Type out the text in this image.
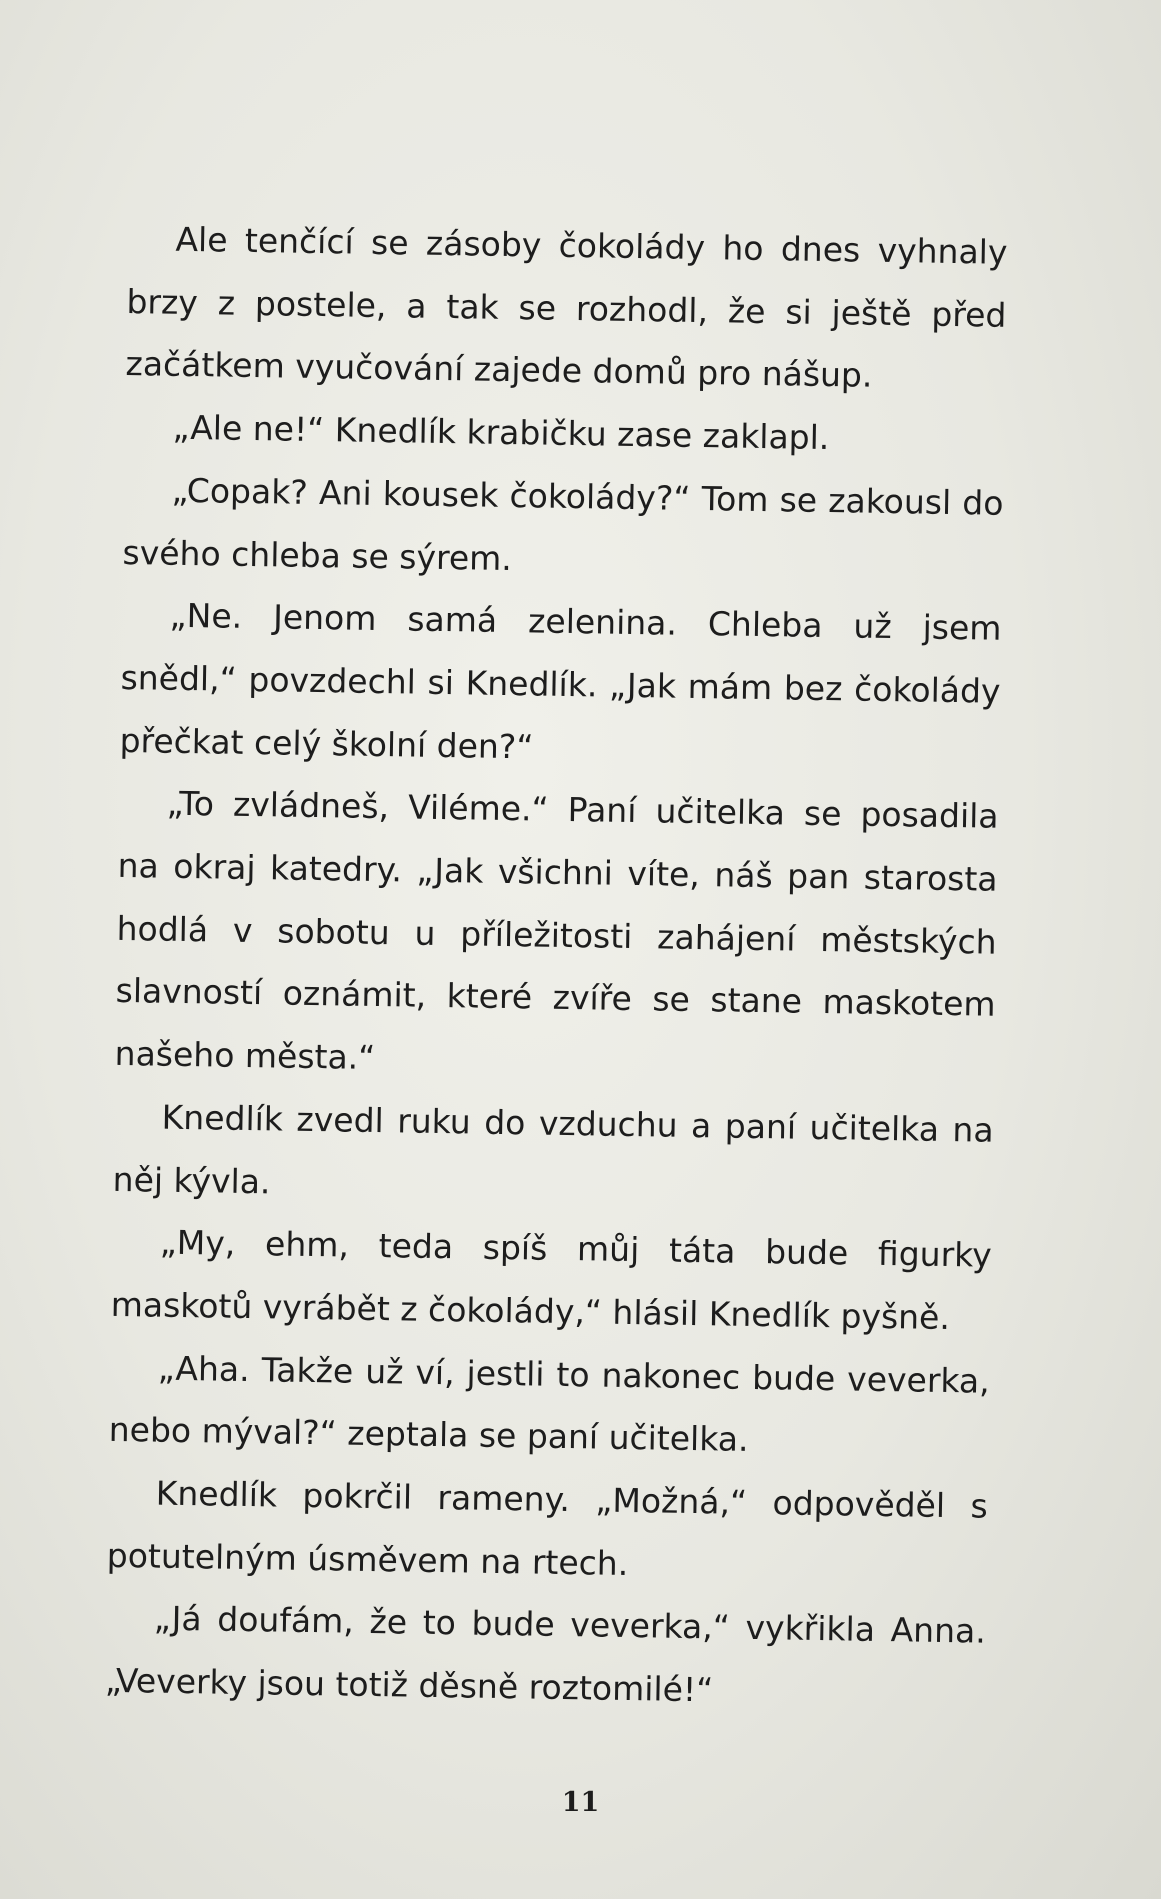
Ale tenčící se zásoby čokolády ho dnes vyhnaly brzy z postele, a tak se rozhodl, že si ještě před začátkem vyučování zajede domů pro nášup.

„Ale ne!“ Knedlík krabičku zase zaklapl.

„Copak? Ani kousek čokolády?“ Tom se zakousl do svého chleba se sýrem.

„Ne. Jenom samá zelenina. Chleba už jsem snědl,“ povzdechl si Knedlík. „Jak mám bez čokolády přečkat celý školní den?“

„To zvládneš, Viléme.“ Paní učitelka se posadila na okraj katedry. „Jak všichni víte, náš pan starosta hodlá v sobotu u příležitosti zahájení městských slavností oznámit, které zvíře se stane maskotem našeho města.“

Knedlík zvedl ruku do vzduchu a paní učitelka na něj kývla.

„My, ehm, teda spíš můj táta bude figurky maskotů vyrábět z čokolády,“ hlásil Knedlík pyšně.

„Aha. Takže už ví, jestli to nakonec bude veverka, nebo mýval?“ zeptala se paní učitelka.

Knedlík pokrčil rameny. „Možná,“ odpověděl s potutelným úsměvem na rtech.

„Já doufám, že to bude veverka,“ vykřikla Anna. „Veverky jsou totiž děsně roztomilé!“

11
